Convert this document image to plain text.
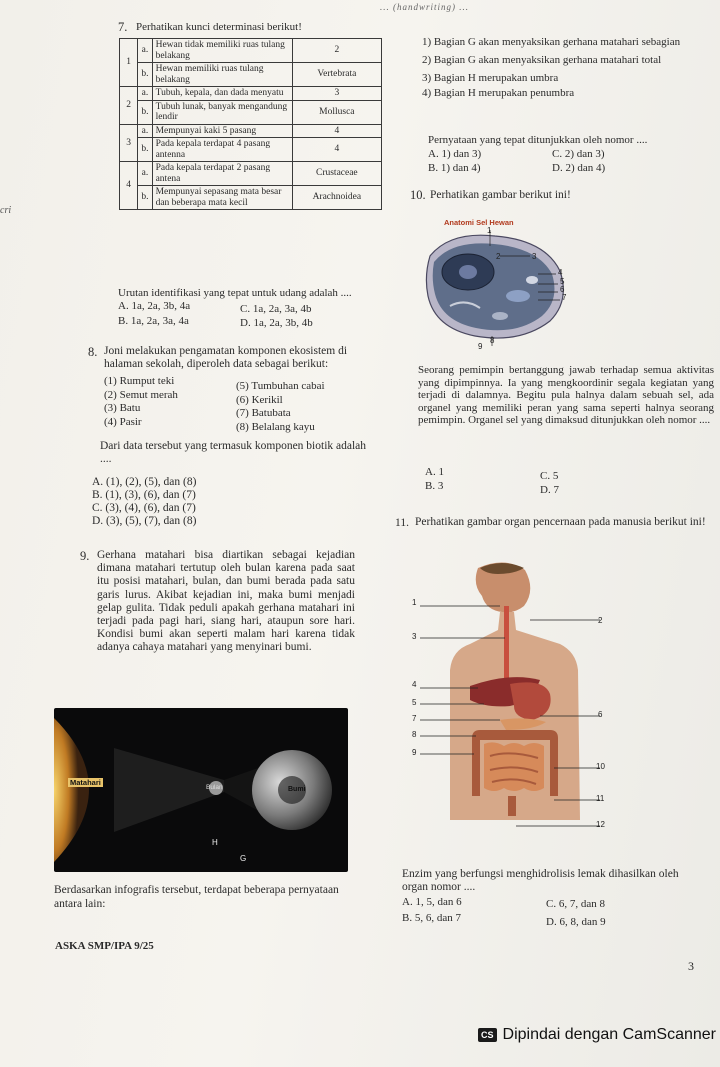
... (handwriting) ...
cri
7. Perhatikan kunci determinasi berikut!
1	a.	Hewan tidak memiliki ruas tulang belakang	2
	b.	Hewan memiliki ruas tulang belakang	Vertebrata
2	a.	Tubuh, kepala, dan dada menyatu	3
	b.	Tubuh lunak, banyak mengandung lendir	Mollusca
3	a.	Mempunyai kaki 5 pasang	4
	b.	Pada kepala terdapat 4 pasang antenna	4
4	a.	Pada kepala terdapat 2 pasang antena	Crustaceae
	b.	Mempunyai sepasang mata besar dan beberapa mata kecil	Arachnoidea
Urutan identifikasi yang tepat untuk udang adalah ....
A. 1a, 2a, 3b, 4a	C. 1a, 2a, 3a, 4b
B. 1a, 2a, 3a, 4a	D. 1a, 2a, 3b, 4b
1) Bagian G akan menyaksikan gerhana matahari sebagian
2) Bagian G akan menyaksikan gerhana matahari total
3) Bagian H merupakan umbra
4) Bagian H merupakan penumbra
Pernyataan yang tepat ditunjukkan oleh nomor ....
A. 1) dan 3)	C. 2) dan 3)
B. 1) dan 4)	D. 2) dan 4)
10. Perhatikan gambar berikut ini!
Anatomi Sel Hewan
1
2	3
4
5
6
7
8
9
8. Joni melakukan pengamatan komponen ekosistem di halaman sekolah, diperoleh data sebagai berikut:
(1) Rumput teki
(2) Semut merah
(3) Batu
(4) Pasir
(5) Tumbuhan cabai
(6) Kerikil
(7) Batubata
(8) Belalang kayu
Dari data tersebut yang termasuk komponen biotik adalah ....
A. (1), (2), (5), dan (8)
B. (1), (3), (6), dan (7)
C. (3), (4), (6), dan (7)
D. (3), (5), (7), dan (8)
Seorang pemimpin bertanggung jawab terhadap semua aktivitas yang dipimpinnya. Ia yang mengkoordinir segala kegiatan yang terjadi di dalamnya. Begitu pula halnya dalam sebuah sel, ada organel yang memiliki peran yang sama seperti halnya seorang pemimpin. Organel sel yang dimaksud ditunjukkan oleh nomor ....
A. 1	C. 5
B. 3	D. 7
11. Perhatikan gambar organ pencernaan pada manusia berikut ini!
1
2
3
4
5
6
7
8
9
10
11
12
Enzim yang berfungsi menghidrolisis lemak dihasilkan oleh organ nomor ....
A. 1, 5, dan 6	C. 6, 7, dan 8
B. 5, 6, dan 7	D. 6, 8, dan 9
9. Gerhana matahari bisa diartikan sebagai kejadian dimana matahari tertutup oleh bulan karena pada saat itu posisi matahari, bulan, dan bumi berada pada satu garis lurus. Akibat kejadian ini, maka bumi menjadi gelap gulita. Tidak peduli apakah gerhana matahari ini terjadi pada pagi hari, siang hari, ataupun sore hari. Kondisi bumi akan seperti malam hari karena tidak adanya cahaya matahari yang menyinari bumi.
Matahari
Bulan	Bumi
H
G
Berdasarkan infografis tersebut, terdapat beberapa pernyataan antara lain:
ASKA SMP/IPA 9/25
3
CS Dipindai dengan CamScanner
